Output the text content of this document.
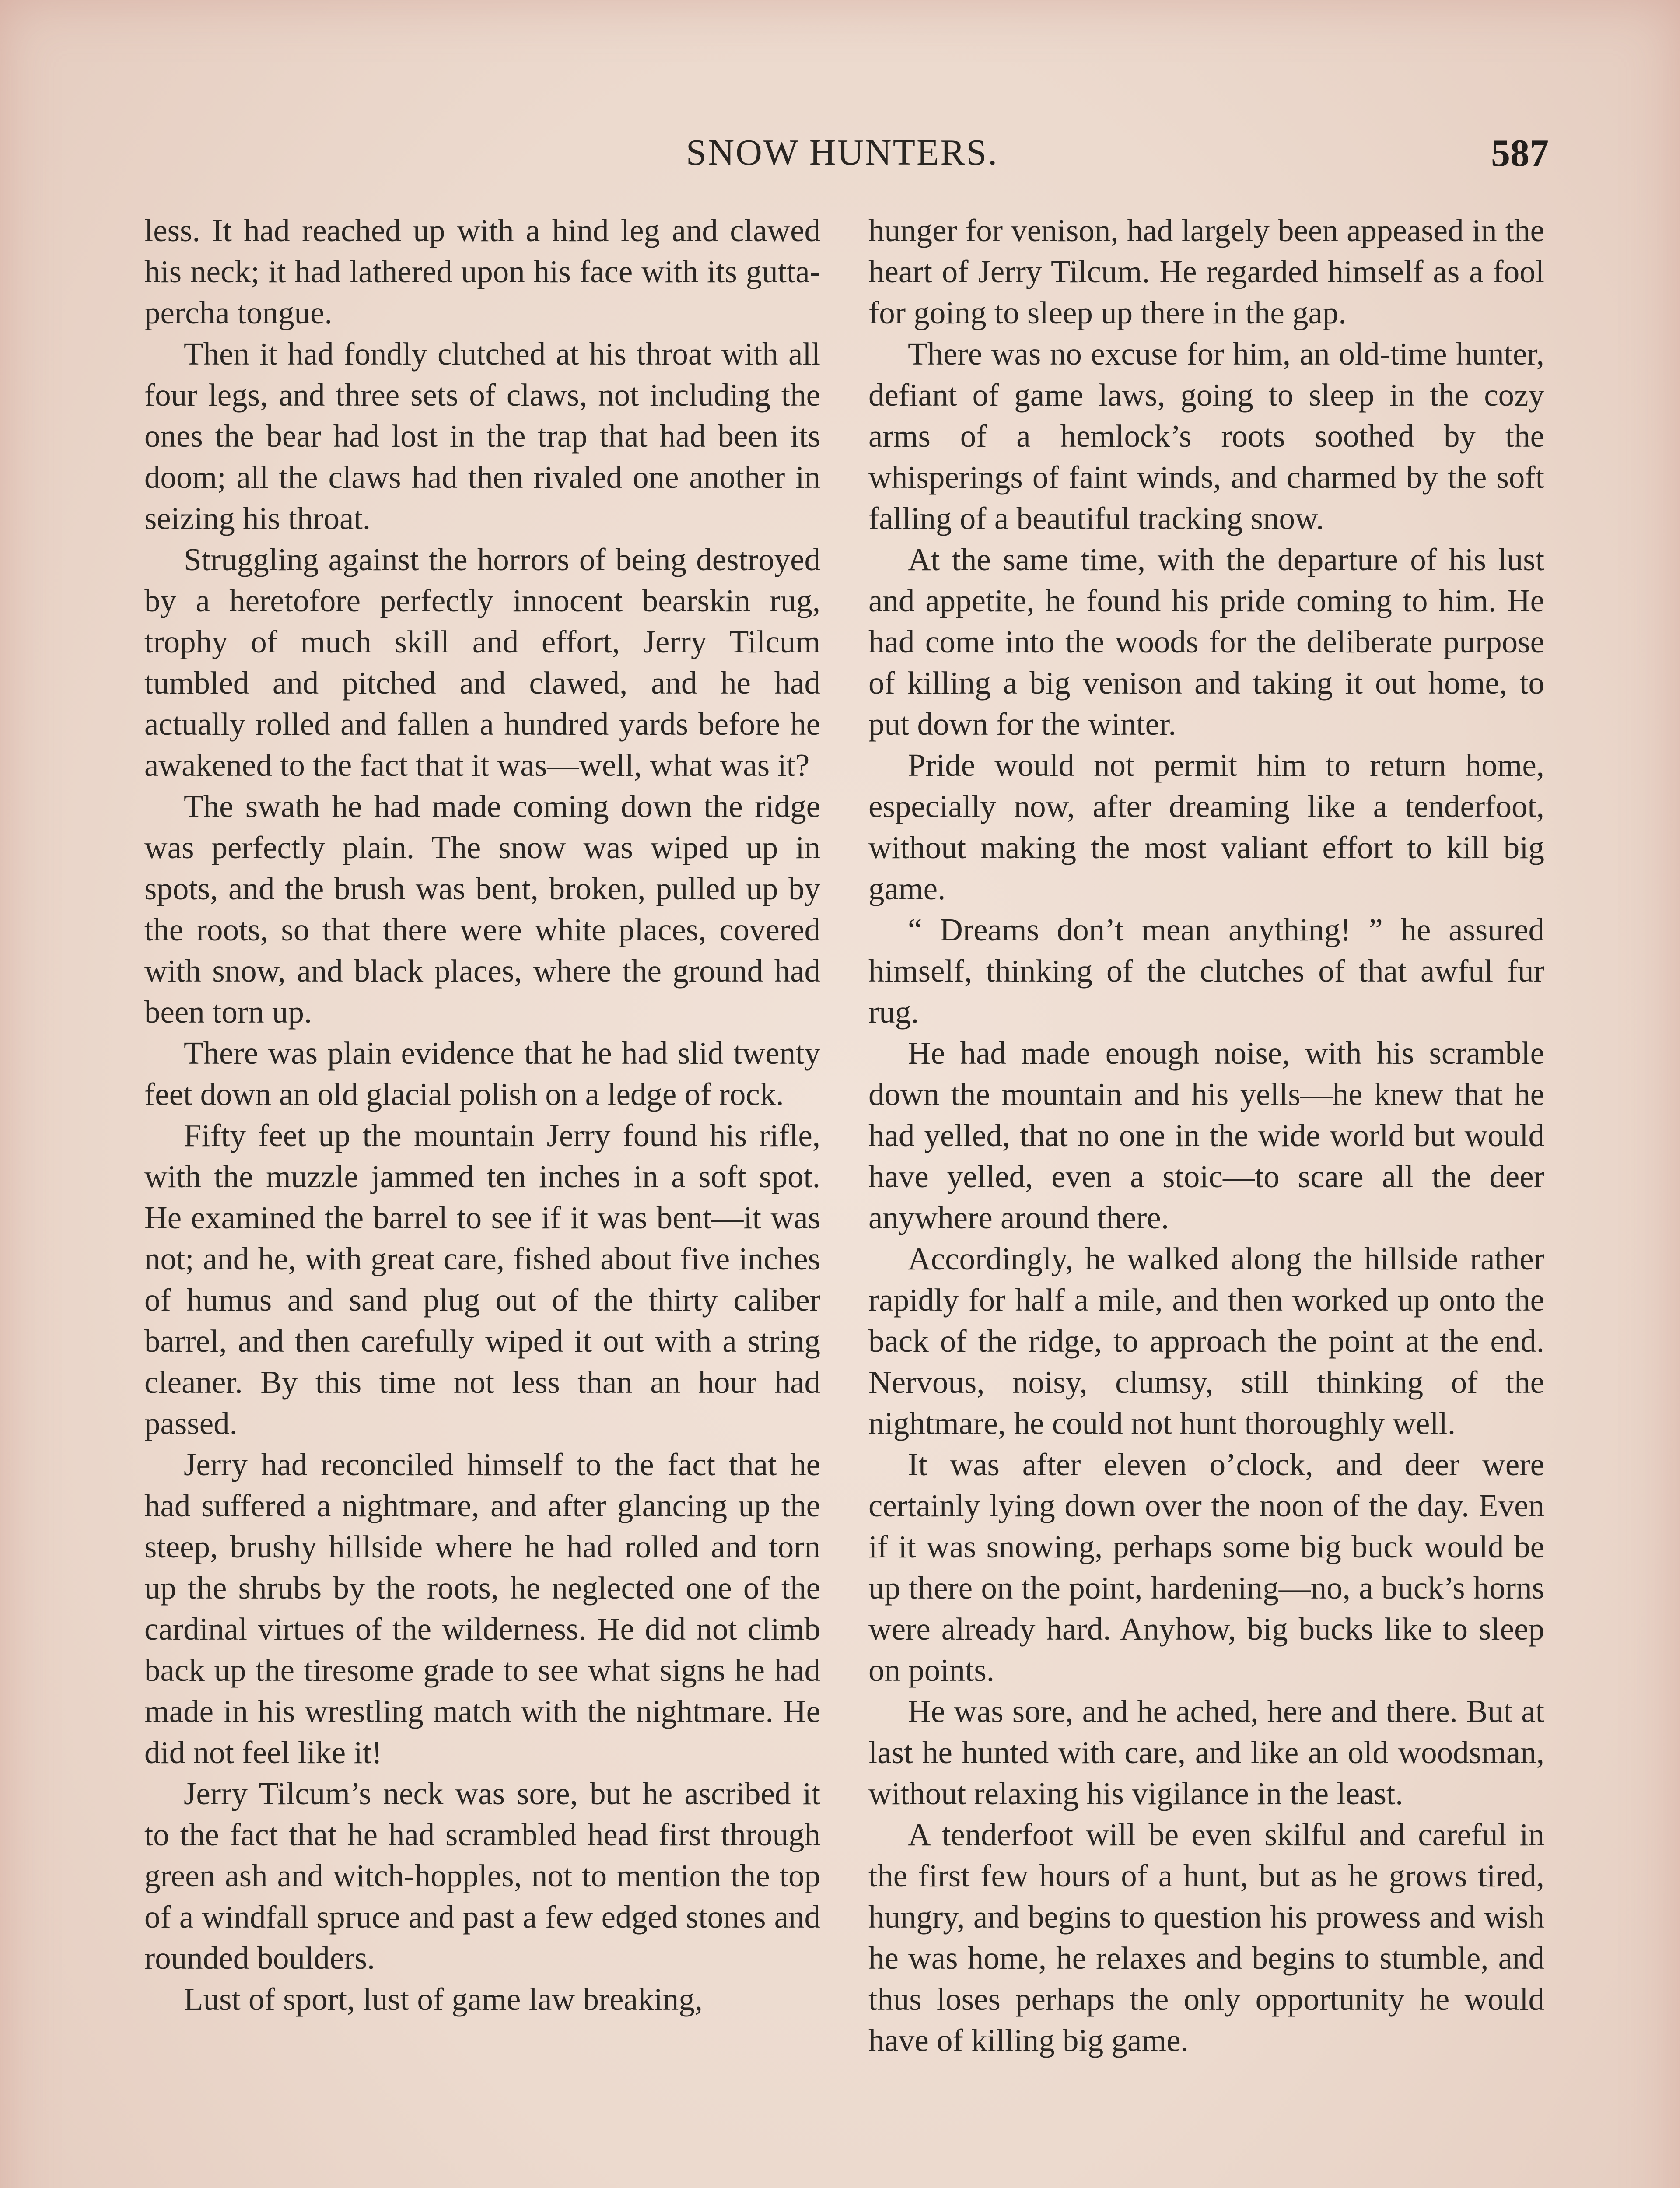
SNOW HUNTERS.	587

less. It had reached up with a hind leg and clawed his neck; it had lathered upon his face with its gutta-percha tongue.

Then it had fondly clutched at his throat with all four legs, and three sets of claws, not including the ones the bear had lost in the trap that had been its doom; all the claws had then rivaled one another in seizing his throat.

Struggling against the horrors of being destroyed by a heretofore perfectly innocent bearskin rug, trophy of much skill and effort, Jerry Tilcum tumbled and pitched and clawed, and he had actually rolled and fallen a hundred yards before he awakened to the fact that it was—well, what was it?

The swath he had made coming down the ridge was perfectly plain. The snow was wiped up in spots, and the brush was bent, broken, pulled up by the roots, so that there were white places, covered with snow, and black places, where the ground had been torn up.

There was plain evidence that he had slid twenty feet down an old glacial polish on a ledge of rock.

Fifty feet up the mountain Jerry found his rifle, with the muzzle jammed ten inches in a soft spot. He examined the barrel to see if it was bent—it was not; and he, with great care, fished about five inches of humus and sand plug out of the thirty caliber barrel, and then carefully wiped it out with a string cleaner. By this time not less than an hour had passed.

Jerry had reconciled himself to the fact that he had suffered a nightmare, and after glancing up the steep, brushy hillside where he had rolled and torn up the shrubs by the roots, he neglected one of the cardinal virtues of the wilderness. He did not climb back up the tiresome grade to see what signs he had made in his wrestling match with the nightmare. He did not feel like it!

Jerry Tilcum’s neck was sore, but he ascribed it to the fact that he had scrambled head first through green ash and witch-hopples, not to mention the top of a windfall spruce and past a few edged stones and rounded boulders.

Lust of sport, lust of game law breaking,

hunger for venison, had largely been appeased in the heart of Jerry Tilcum. He regarded himself as a fool for going to sleep up there in the gap.

There was no excuse for him, an old-time hunter, defiant of game laws, going to sleep in the cozy arms of a hemlock’s roots soothed by the whisperings of faint winds, and charmed by the soft falling of a beautiful tracking snow.

At the same time, with the departure of his lust and appetite, he found his pride coming to him. He had come into the woods for the deliberate purpose of killing a big venison and taking it out home, to put down for the winter.

Pride would not permit him to return home, especially now, after dreaming like a tenderfoot, without making the most valiant effort to kill big game.

“ Dreams don’t mean anything! ” he assured himself, thinking of the clutches of that awful fur rug.

He had made enough noise, with his scramble down the mountain and his yells—he knew that he had yelled, that no one in the wide world but would have yelled, even a stoic—to scare all the deer anywhere around there.

Accordingly, he walked along the hillside rather rapidly for half a mile, and then worked up onto the back of the ridge, to approach the point at the end. Nervous, noisy, clumsy, still thinking of the nightmare, he could not hunt thoroughly well.

It was after eleven o’clock, and deer were certainly lying down over the noon of the day. Even if it was snowing, perhaps some big buck would be up there on the point, hardening—no, a buck’s horns were already hard. Anyhow, big bucks like to sleep on points.

He was sore, and he ached, here and there. But at last he hunted with care, and like an old woodsman, without relaxing his vigilance in the least.

A tenderfoot will be even skilful and careful in the first few hours of a hunt, but as he grows tired, hungry, and begins to question his prowess and wish he was home, he relaxes and begins to stumble, and thus loses perhaps the only opportunity he would have of killing big game.
